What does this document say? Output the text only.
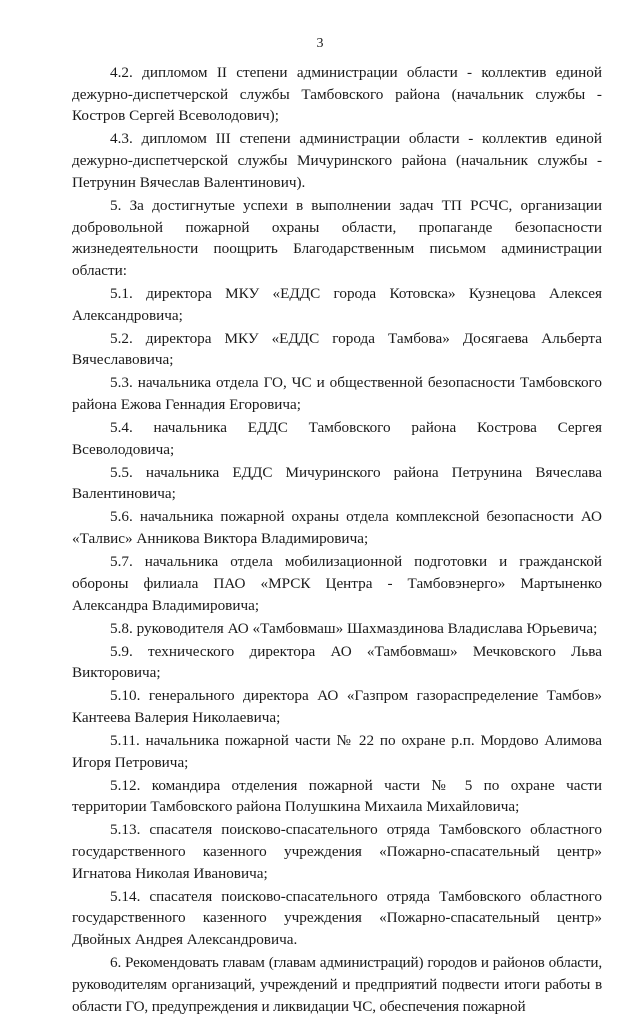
3

4.2. дипломом II степени администрации области - коллектив единой дежурно-диспетчерской службы Тамбовского района (начальник службы - Костров Сергей Всеволодович);

4.3. дипломом III степени администрации области - коллектив единой дежурно-диспетчерской службы Мичуринского района (начальник службы - Петрунин Вячеслав Валентинович).

5. За достигнутые успехи в выполнении задач ТП РСЧС, организации добровольной пожарной охраны области, пропаганде безопасности жизнедеятельности поощрить Благодарственным письмом администрации области:

5.1. директора МКУ «ЕДДС города Котовска» Кузнецова Алексея Александровича;

5.2. директора МКУ «ЕДДС города Тамбова» Досягаева Альберта Вячеславовича;

5.3. начальника отдела ГО, ЧС и общественной безопасности Тамбовского района Ежова Геннадия Егоровича;

5.4. начальника ЕДДС Тамбовского района Кострова Сергея Всеволодовича;

5.5. начальника ЕДДС Мичуринского района Петрунина Вячеслава Валентиновича;

5.6. начальника пожарной охраны отдела комплексной безопасности АО «Талвис» Анникова Виктора Владимировича;

5.7. начальника отдела мобилизационной подготовки и гражданской обороны филиала ПАО «МРСК Центра - Тамбовэнерго» Мартыненко Александра Владимировича;

5.8. руководителя АО «Тамбовмаш» Шахмаздинова Владислава Юрьевича;

5.9. технического директора АО «Тамбовмаш» Мечковского Льва Викторовича;

5.10. генерального директора АО «Газпром газораспределение Тамбов» Кантеева Валерия Николаевича;

5.11. начальника пожарной части № 22 по охране р.п. Мордово Алимова Игоря Петровича;

5.12. командира отделения пожарной части № 5 по охране части территории Тамбовского района Полушкина Михаила Михайловича;

5.13. спасателя поисково-спасательного отряда Тамбовского областного государственного казенного учреждения «Пожарно-спасательный центр» Игнатова Николая Ивановича;

5.14. спасателя поисково-спасательного отряда Тамбовского областного государственного казенного учреждения «Пожарно-спасательный центр» Двойных Андрея Александровича.

6. Рекомендовать главам (главам администраций) городов и районов области, руководителям организаций, учреждений и предприятий подвести итоги работы в области ГО, предупреждения и ликвидации ЧС, обеспечения пожарной
